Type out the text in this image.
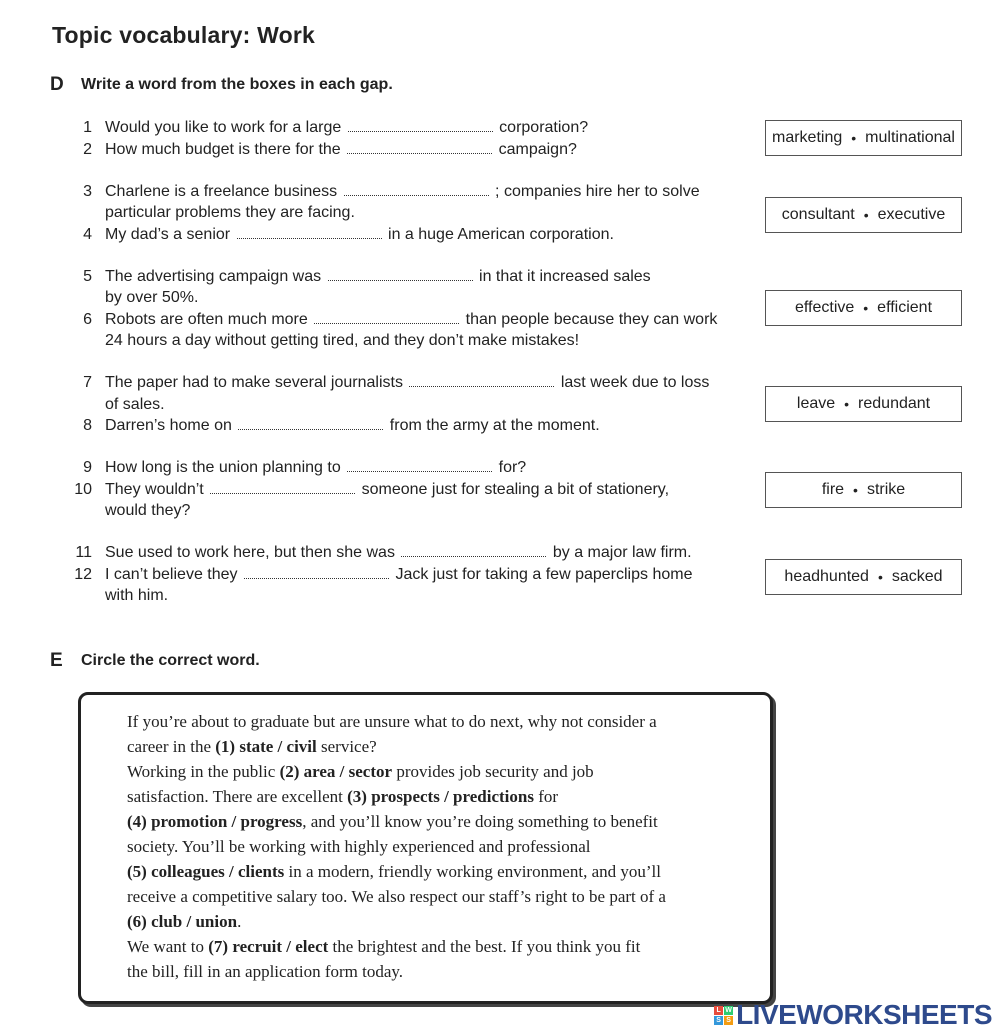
Topic vocabulary: Work
D Write a word from the boxes in each gap.
1 Would you like to work for a large	corporation?
2 How much budget is there for the	campaign?
3 Charlene is a freelance business	; companies hire her to solve
particular problems they are facing.
4 My dad’s a senior	in a huge American corporation.
5 The advertising campaign was	in that it increased sales
by over 50%.
6 Robots are often much more	than people because they can work
24 hours a day without getting tired, and they don’t make mistakes!
7 The paper had to make several journalists	last week due to loss
of sales.
8 Darren’s home on	from the army at the moment.
9 How long is the union planning to	for?
10 They wouldn’t	someone just for stealing a bit of stationery,
would they?
11 Sue used to work here, but then she was	by a major law firm.
12 I can’t believe they	Jack just for taking a few paperclips home
with him.
marketing • multinational
consultant • executive
effective • efficient
leave • redundant
fire • strike
headhunted • sacked
E Circle the correct word.
If you’re about to graduate but are unsure what to do next, why not consider a
career in the (1) state / civil service?
Working in the public (2) area / sector provides job security and job
satisfaction. There are excellent (3) prospects / predictions for
(4) promotion / progress, and you’ll know you’re doing something to benefit
society. You’ll be working with highly experienced and professional
(5) colleagues / clients in a modern, friendly working environment, and you’ll
receive a competitive salary too. We also respect our staff’s right to be part of a
(6) club / union.
We want to (7) recruit / elect the brightest and the best. If you think you fit
the bill, fill in an application form today.
L W
S S LIVEWORKSHEETS
